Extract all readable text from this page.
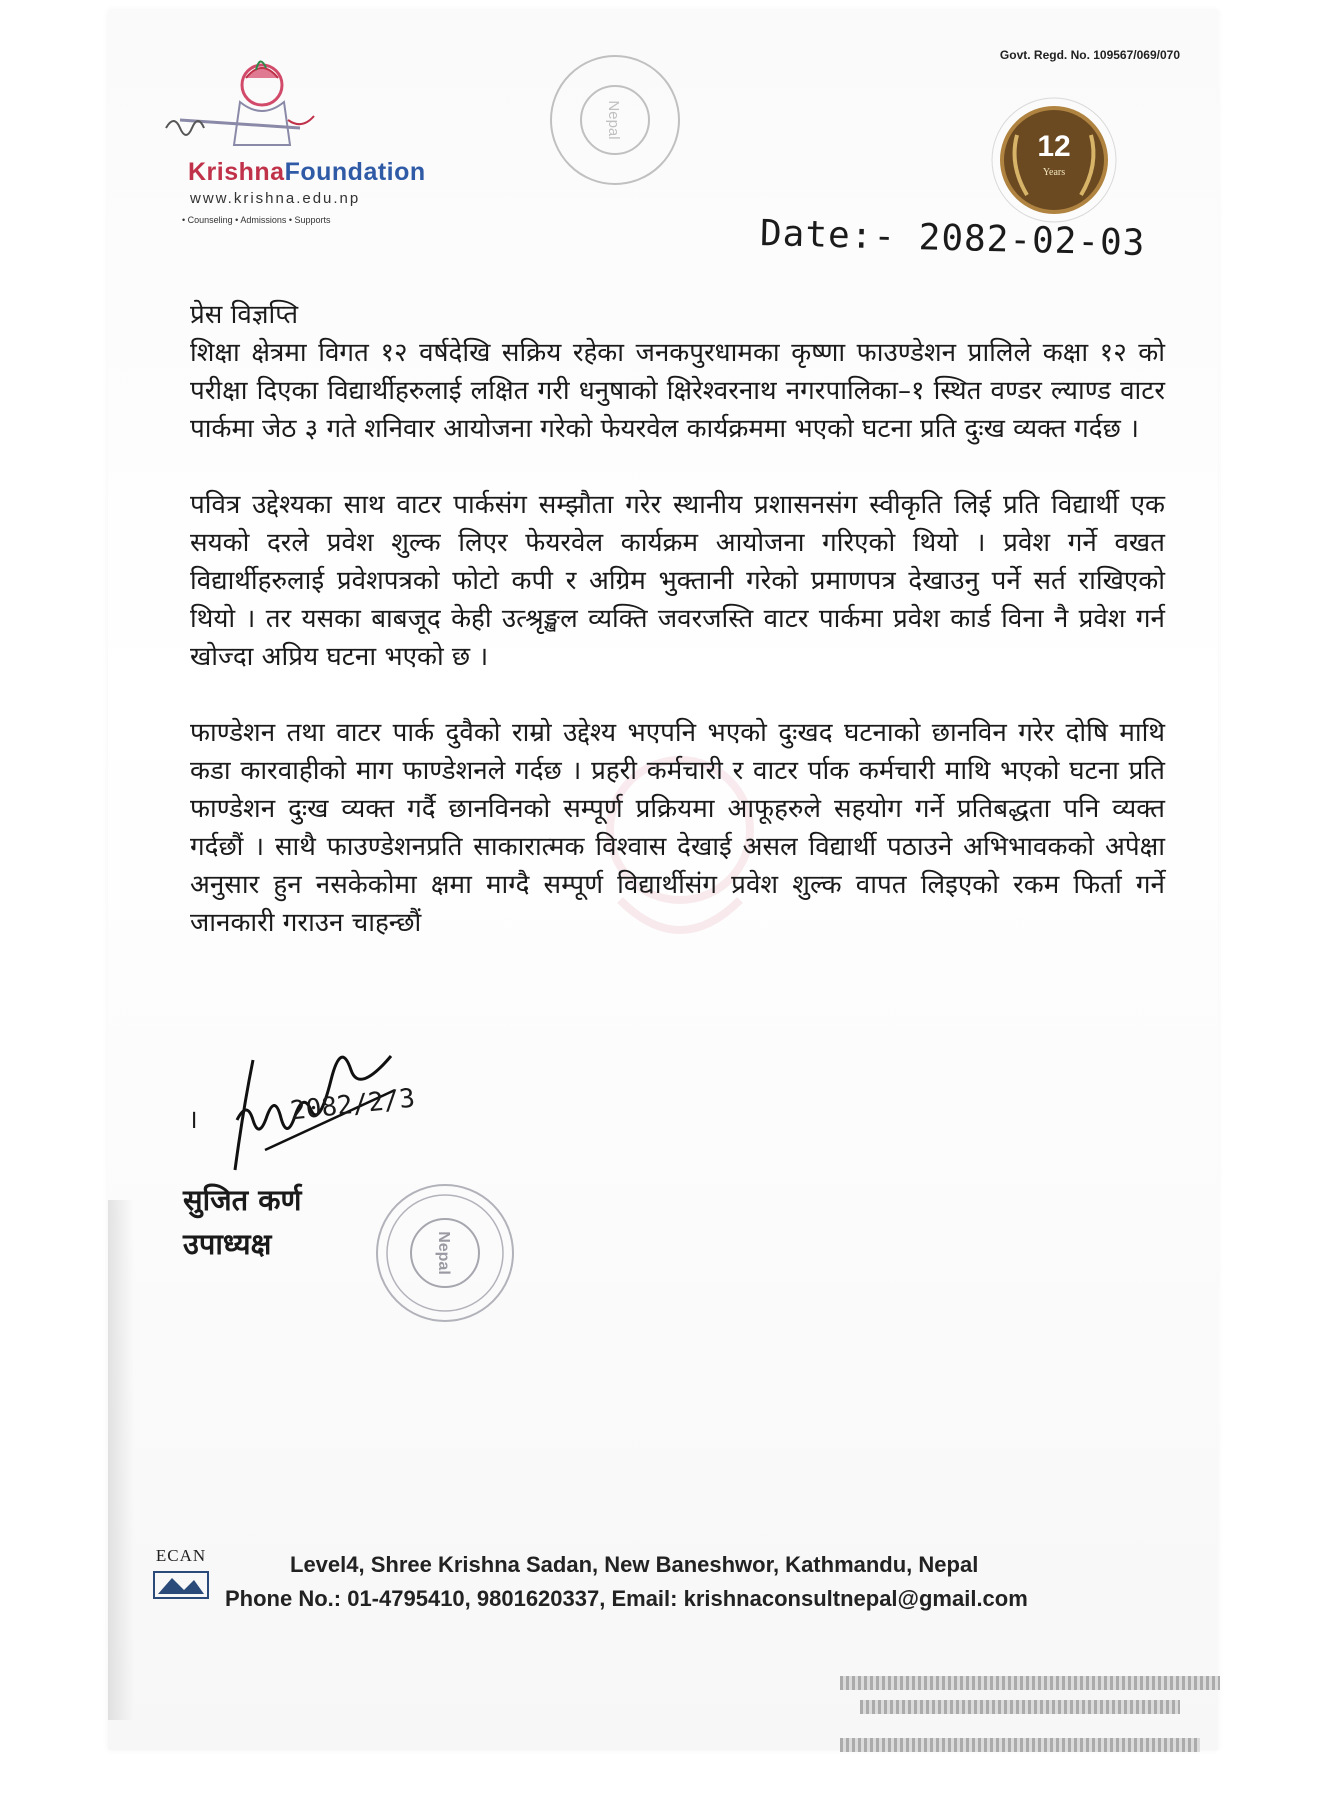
KrishnaFoundation
www.krishna.edu.np
• Counseling • Admissions • Supports
Nepal
Govt. Regd. No. 109567/069/070
12
Years
Date:- 2082-02-03

प्रेस विज्ञप्ति

शिक्षा क्षेत्रमा विगत १२ वर्षदेखि सक्रिय रहेका जनकपुरधामका कृष्णा फाउण्डेशन प्रालिले कक्षा १२ को परीक्षा दिएका विद्यार्थीहरुलाई लक्षित गरी धनुषाको क्षिरेश्वरनाथ नगरपालिका–१ स्थित वण्डर ल्याण्ड वाटर पार्कमा जेठ ३ गते शनिवार आयोजना गरेको फेयरवेल कार्यक्रममा भएको घटना प्रति दुःख व्यक्त गर्दछ ।

पवित्र उद्देश्यका साथ वाटर पार्कसंग सम्झौता गरेर स्थानीय प्रशासनसंग स्वीकृति लिई प्रति विद्यार्थी एक सयको दरले प्रवेश शुल्क लिएर फेयरवेल कार्यक्रम आयोजना गरिएको थियो । प्रवेश गर्ने वखत विद्यार्थीहरुलाई प्रवेशपत्रको फोटो कपी र अग्रिम भुक्तानी गरेको प्रमाणपत्र देखाउनु पर्ने सर्त राखिएको थियो । तर यसका बाबजूद केही उत्श्रृङ्खल व्यक्ति जवरजस्ति वाटर पार्कमा प्रवेश कार्ड विना नै प्रवेश गर्न खोज्दा अप्रिय घटना भएको छ ।

फाण्डेशन तथा वाटर पार्क दुवैको राम्रो उद्देश्य भएपनि भएको दुःखद घटनाको छानविन गरेर दोषि माथि कडा कारवाहीको माग फाण्डेशनले गर्दछ । प्रहरी कर्मचारी र वाटर र्पाक कर्मचारी माथि भएको घटना प्रति फाण्डेशन दुःख व्यक्त गर्दै छानविनको सम्पूर्ण प्रक्रियमा आफूहरुले सहयोग गर्ने प्रतिबद्धता पनि व्यक्त गर्दछौं । साथै फाउण्डेशनप्रति साकारात्मक विश्वास देखाई असल विद्यार्थी पठाउने अभिभावकको अपेक्षा अनुसार हुन नसकेकोमा क्षमा माग्दै सम्पूर्ण विद्यार्थीसंग प्रवेश शुल्क वापत लिइएको रकम फिर्ता गर्ने जानकारी गराउन चाहन्छौं

।	2082/2/3
सुजित कर्ण
उपाध्यक्ष	Nepal
ECAN	Level4, Shree Krishna Sadan, New Baneshwor, Kathmandu, Nepal
Phone No.: 01-4795410, 9801620337, Email: krishnaconsultnepal@gmail.com
